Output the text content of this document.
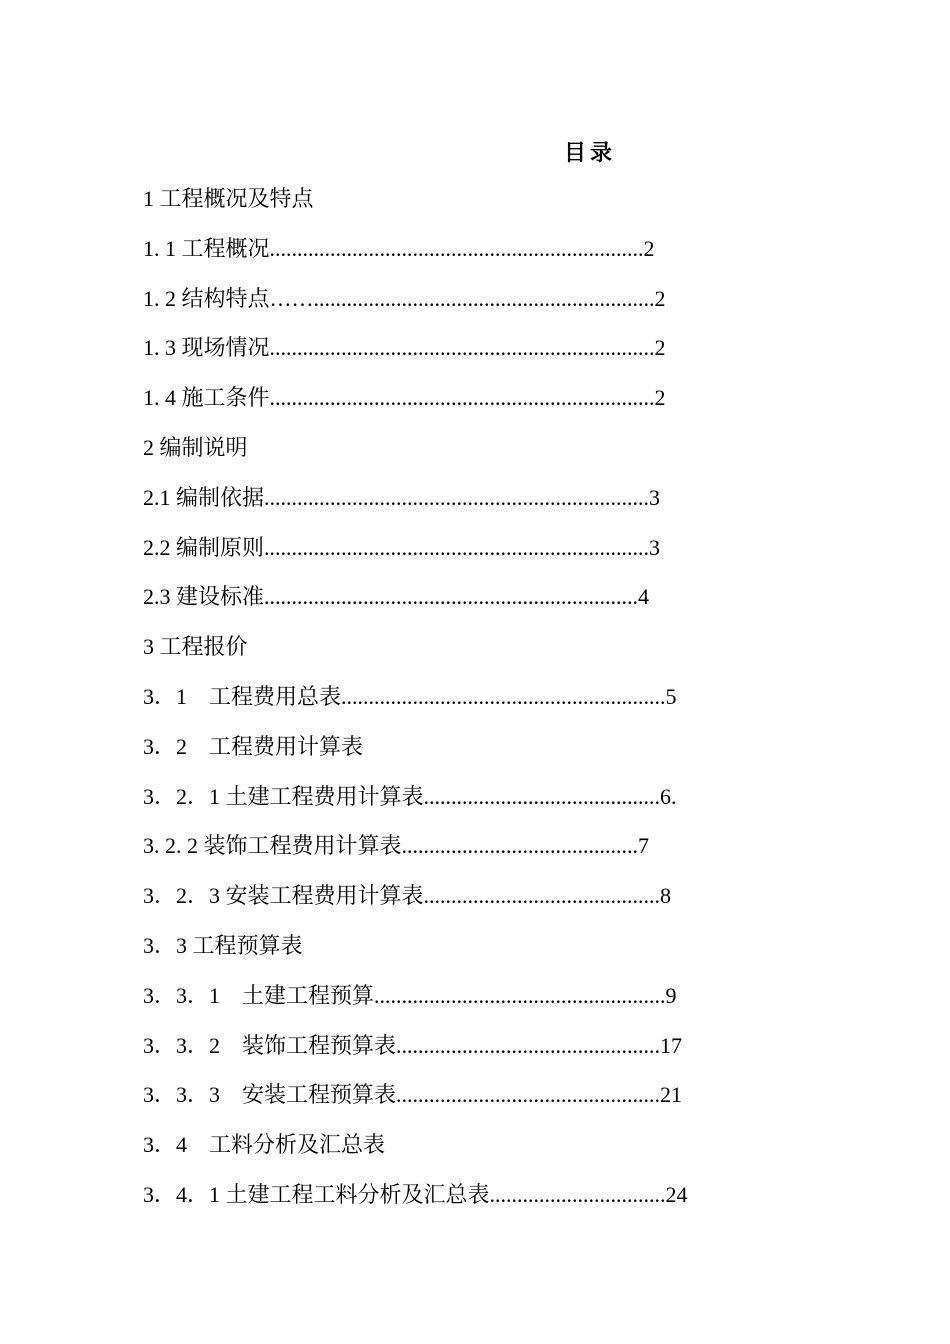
目录
1 工程概况及特点
1. 1 工程概况....................................................................2
1. 2 结构特点……..............................................................2
1. 3 现场情况......................................................................2
1. 4 施工条件......................................................................2
2 编制说明
2.1 编制依据......................................................................3
2.2 编制原则......................................................................3
2.3 建设标准....................................................................4
3 工程报价
3．1　工程费用总表...........................................................5
3．2　工程费用计算表
3．2．1 土建工程费用计算表...........................................6.
3. 2. 2 装饰工程费用计算表...........................................7
3．2．3 安装工程费用计算表...........................................8
3．3 工程预算表
3．3．1　土建工程预算.....................................................9
3．3．2　装饰工程预算表................................................17
3．3．3　安装工程预算表................................................21
3．4　工料分析及汇总表
3．4．1 土建工程工料分析及汇总表................................24
